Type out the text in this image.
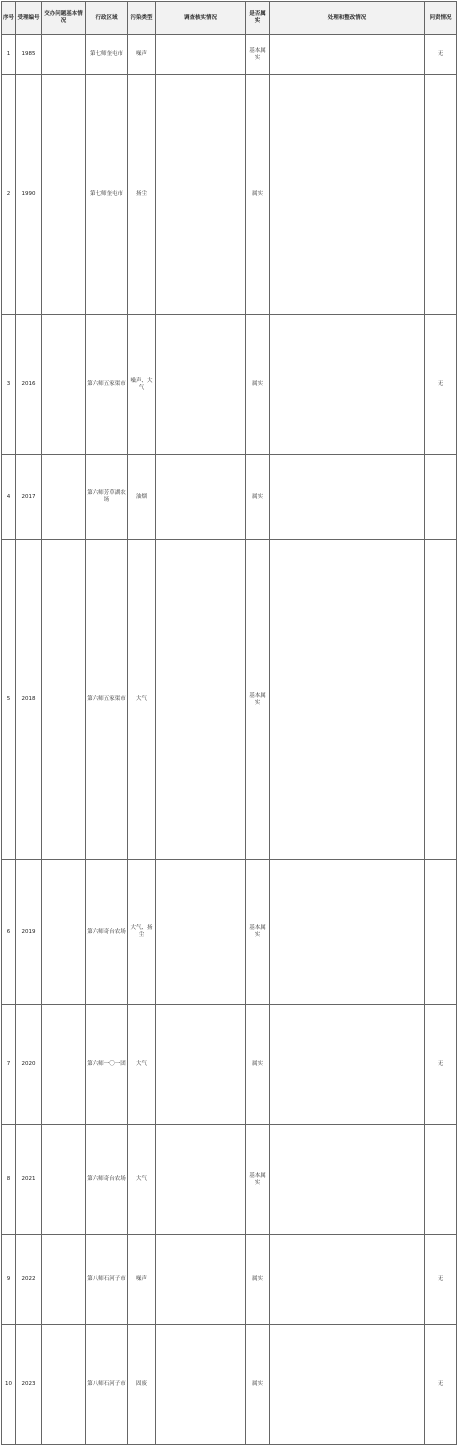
序号	受理编号	交办问题基本情况	行政区域	污染类型	调查核实情况	是否属实	处理和整改情况	问责情况
1	1985		第七师奎屯市	噪声		基本属实		无
2	1990		第七师奎屯市	扬尘		属实		
3	2016		第六师五家渠市	噪声、大气		属实		无
4	2017		第六师芳草湖农场	油烟		属实		
5	2018		第六师五家渠市	大气		基本属实		
6	2019		第六师奇台农场	大气、扬尘		基本属实		
7	2020		第六师一〇一团	大气		属实		无
8	2021		第六师奇台农场	大气		基本属实		
9	2022		第八师石河子市	噪声		属实		无
10	2023		第八师石河子市	固废		属实		无
